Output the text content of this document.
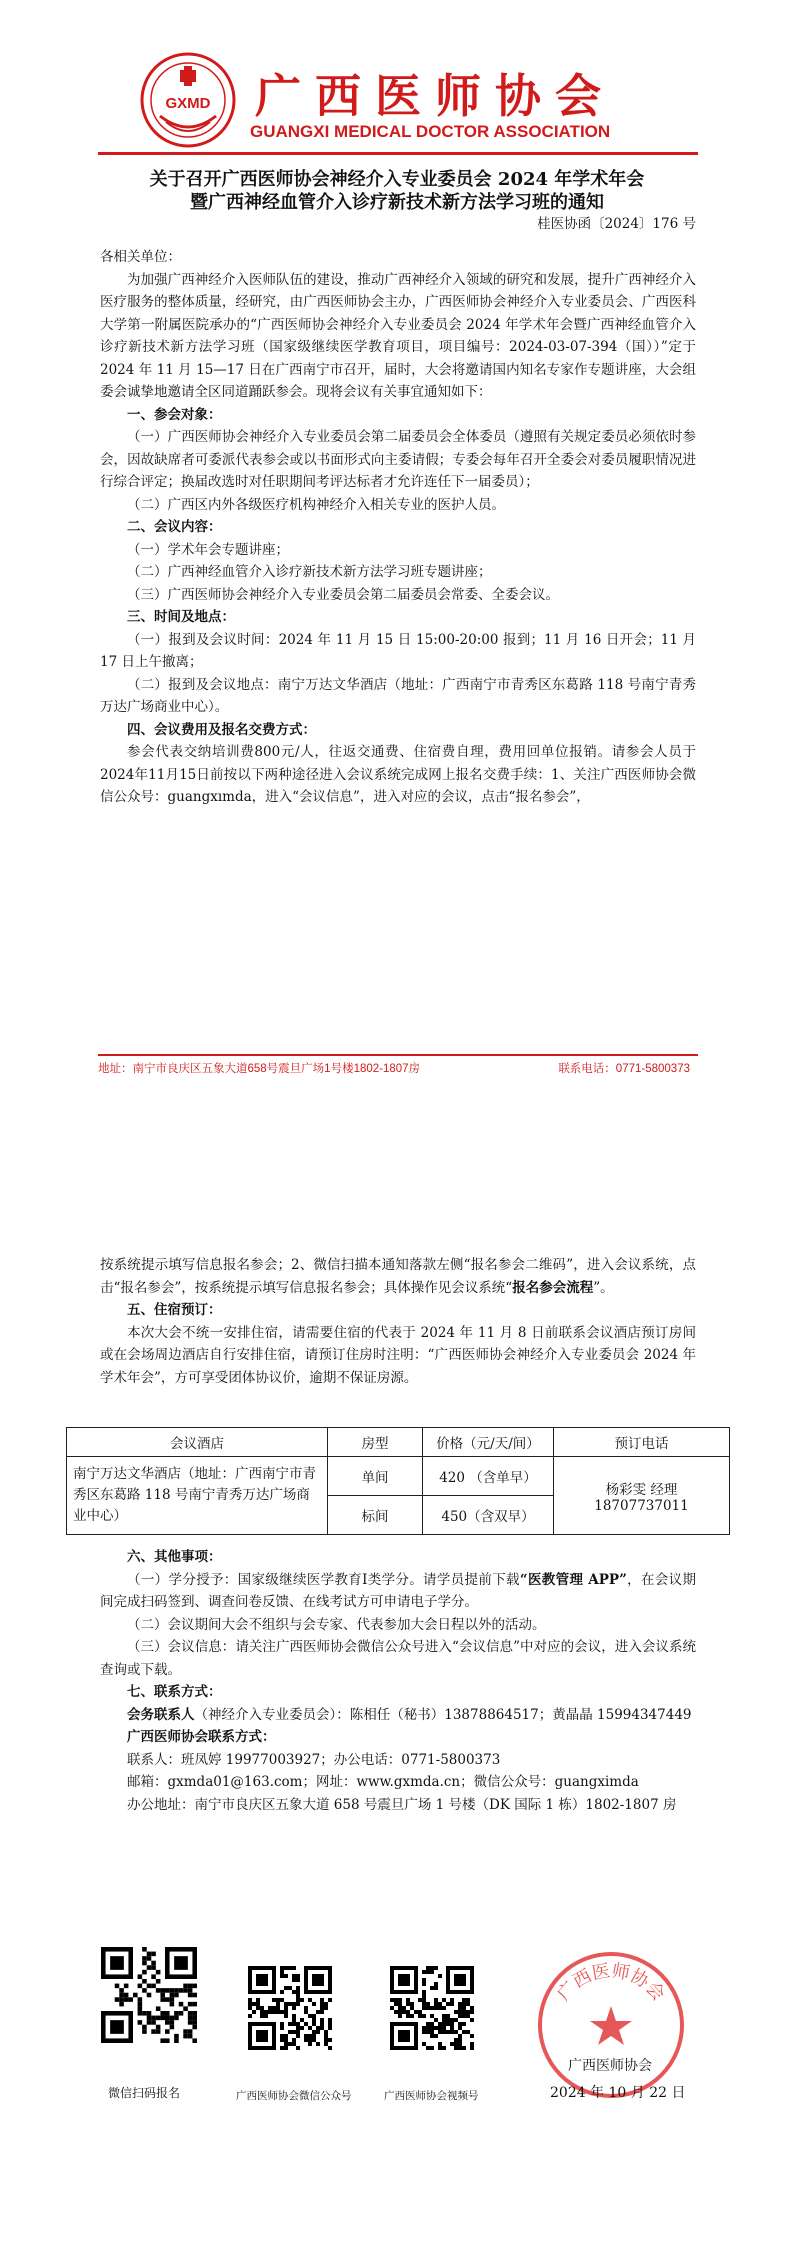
GXMD 广西医师协会
GUANGXI MEDICAL DOCTOR ASSOCIATION
关于召开广西医师协会神经介入专业委员会 2024 年学术年会
暨广西神经血管介入诊疗新技术新方法学习班的通知
桂医协函〔2024〕176 号
各相关单位：
为加强广西神经介入医师队伍的建设，推动广西神经介入领域的研究和发展，提升广西神经介入医疗服务的整体质量，经研究，由广西医师协会主办，广西医师协会神经介入专业委员会、广西医科大学第一附属医院承办的“广西医师协会神经介入专业委员会 2024 年学术年会暨广西神经血管介入诊疗新技术新方法学习班（国家级继续医学教育项目，项目编号：2024-03-07-394（国））”定于 2024 年 11 月 15—17 日在广西南宁市召开，届时，大会将邀请国内知名专家作专题讲座，大会组委会诚挚地邀请全区同道踊跃参会。现将会议有关事宜通知如下：
一、参会对象：
（一）广西医师协会神经介入专业委员会第二届委员会全体委员（遵照有关规定委员必须依时参会，因故缺席者可委派代表参会或以书面形式向主委请假；专委会每年召开全委会对委员履职情况进行综合评定；换届改选时对任职期间考评达标者才允许连任下一届委员）；
（二）广西区内外各级医疗机构神经介入相关专业的医护人员。
二、会议内容：
（一）学术年会专题讲座；
（二）广西神经血管介入诊疗新技术新方法学习班专题讲座；
（三）广西医师协会神经介入专业委员会第二届委员会常委、全委会议。
三、时间及地点：
（一）报到及会议时间：2024 年 11 月 15 日 15:00-20:00 报到；11 月 16 日开会；11 月 17 日上午撤离；
（二）报到及会议地点：南宁万达文华酒店（地址：广西南宁市青秀区东葛路 118 号南宁青秀万达广场商业中心）。
四、会议费用及报名交费方式：
参会代表交纳培训费800元/人，往返交通费、住宿费自理，费用回单位报销。请参会人员于2024年11月15日前按以下两种途径进入会议系统完成网上报名交费手续：1、关注广西医师协会微信公众号：guangxımda，进入“会议信息”，进入对应的会议，点击“报名参会”，
地址：南宁市良庆区五象大道658号震旦广场1号楼1802-1807房	联系电话：0771-5800373
按系统提示填写信息报名参会；2、微信扫描本通知落款左侧“报名参会二维码”，进入会议系统，点击“报名参会”，按系统提示填写信息报名参会；具体操作见会议系统“报名参会流程”。
五、住宿预订：
本次大会不统一安排住宿，请需要住宿的代表于 2024 年 11 月 8 日前联系会议酒店预订房间或在会场周边酒店自行安排住宿，请预订住房时注明：“广西医师协会神经介入专业委员会 2024 年学术年会”，方可享受团体协议价，逾期不保证房源。
会议酒店	房型	价格（元/天/间）	预订电话
南宁万达文华酒店（地址：广西南宁市青秀区东葛路 118 号南宁青秀万达广场商业中心）	单间	420 （含单早）	杨彩雯 经理
18707737011

	标间	450（含双早）	
六、其他事项：
（一）学分授予：国家级继续医学教育Ⅰ类学分。请学员提前下载“医教管理 APP”，在会议期间完成扫码签到、调查问卷反馈、在线考试方可申请电子学分。
（二）会议期间大会不组织与会专家、代表参加大会日程以外的活动。
（三）会议信息：请关注广西医师协会微信公众号进入“会议信息”中对应的会议，进入会议系统查询或下载。
七、联系方式：
会务联系人（神经介入专业委员会）：陈相任（秘书）13878864517；黄晶晶 15994347449
广西医师协会联系方式：
联系人：班凤婷 19977003927；办公电话：0771-5800373
邮箱：gxmda01@163.com；网址：www.gxmda.cn；微信公众号：guangximda
办公地址：南宁市良庆区五象大道 658 号震旦广场 1 号楼（DK 国际 1 栋）1802-1807 房
微信扫码报名	广西医师协会微信公众号	广西医师协会视频号
广西医师协会
广西医师协会
2024 年 10 月 22 日
